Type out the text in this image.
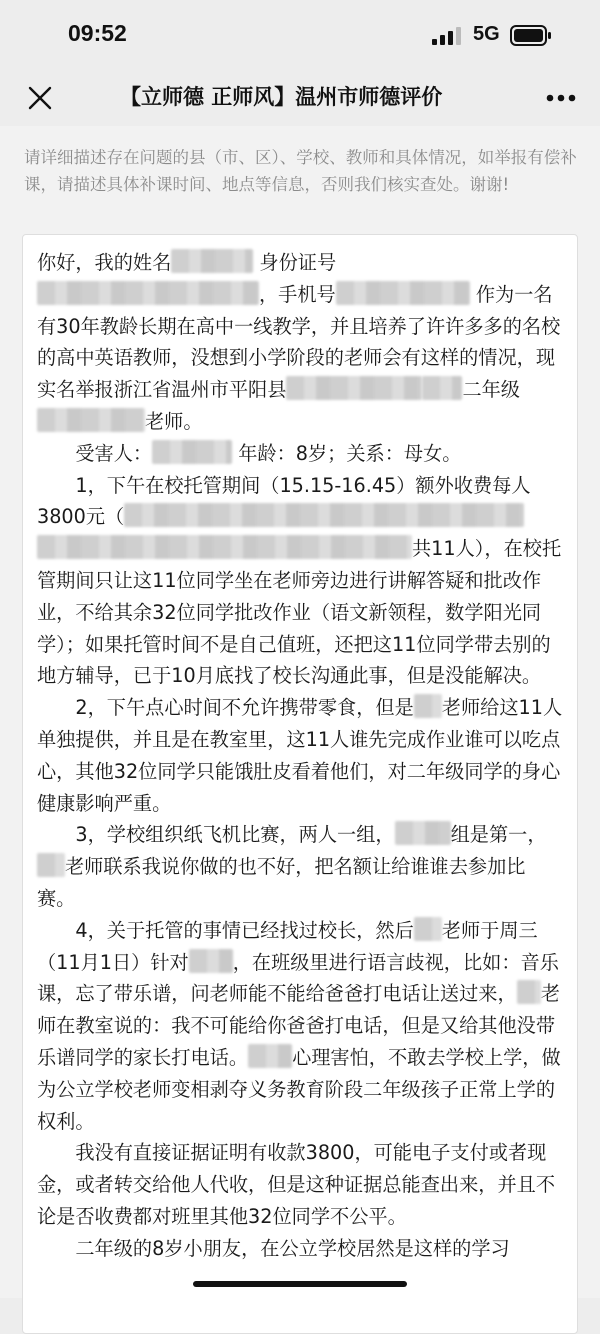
09:52	5G
【立师德 正师风】温州市师德评价
请详细描述存在问题的县（市、区）、学校、教师和具体情况，如举报有偿补课，请描述具体补课时间、地点等信息，否则我们核实查处。谢谢!

你好，我的姓名	身份证号
，手机号	作为一名有30年教龄长期在高中一线教学，并且培养了许许多多的名校的高中英语教师，没想到小学阶段的老师会有这样的情况，现实名举报浙江省温州市平阳县	二年级老师。

　　受害人：	年龄：8岁；关系：母女。

　　1，下午在校托管期间（15.15-16.45）额外收费每人3800元（共11人），在校托管期间只让这11位同学坐在老师旁边进行讲解答疑和批改作业，不给其余32位同学批改作业（语文新领程，数学阳光同学）；如果托管时间不是自己值班，还把这11位同学带去别的地方辅导，已于10月底找了校长沟通此事，但是没能解决。

　　2，下午点心时间不允许携带零食，但是 老师给这11人单独提供，并且是在教室里，这11人谁先完成作业谁可以吃点心，其他32位同学只能饿肚皮看着他们，对二年级同学的身心健康影响严重。

　　3，学校组织纸飞机比赛，两人一组，	组是第一，老师联系我说你做的也不好，把名额让给谁谁去参加比赛。

　　4，关于托管的事情已经找过校长，然后 老师于周三（11月1日）针对 ，在班级里进行语言歧视，比如：音乐课，忘了带乐谱，问老师能不能给爸爸打电话让送过来， 老师在教室说的：我不可能给你爸爸打电话，但是又给其他没带乐谱同学的家长打电话。 心理害怕，不敢去学校上学，做为公立学校老师变相剥夺义务教育阶段二年级孩子正常上学的权利。

　　我没有直接证据证明有收款3800，可能电子支付或者现金，或者转交给他人代收，但是这种证据总能查出来，并且不论是否收费都对班里其他32位同学不公平。

　　二年级的8岁小朋友，在公立学校居然是这样的学习
